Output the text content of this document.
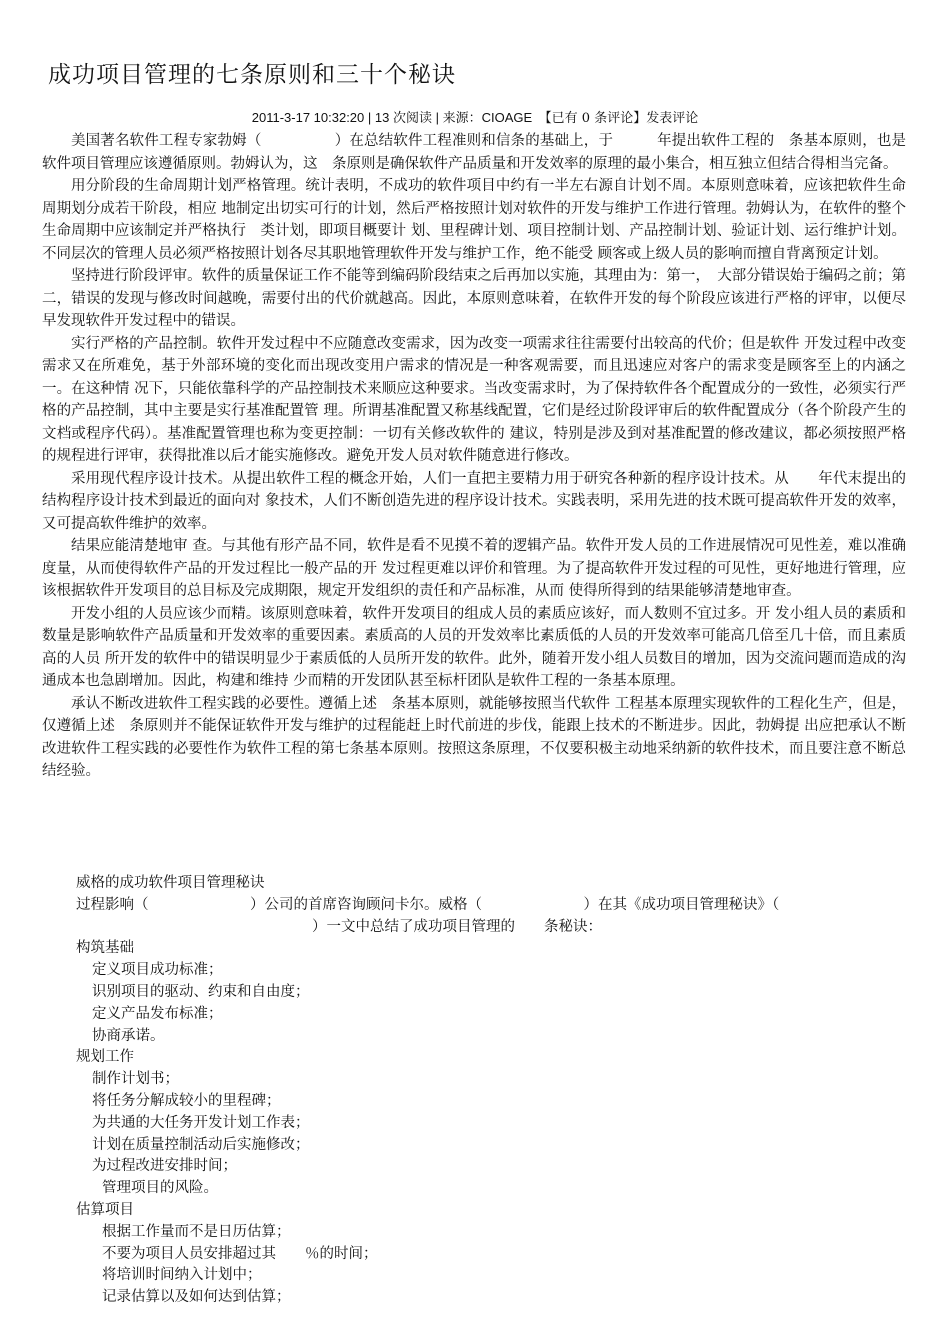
成功项目管理的七条原则和三十个秘诀
2011-3-17 10:32:20 | 13 次阅读 | 来源：CIOAGE　 【已有 0 条评论】发表评论

美国著名软件工程专家勃姆（　　　　　）在总结软件工程准则和信条的基础上，于　　　年提出软件工程的　条基本原则，也是软件项目管理应该遵循原则。勃姆认为，这　条原则是确保软件产品质量和开发效率的原理的最小集合，相互独立但结合得相当完备。

用分阶段的生命周期计划严格管理。统计表明，不成功的软件项目中约有一半左右源自计划不周。本原则意味着，应该把软件生命周期划分成若干阶段，相应 地制定出切实可行的计划，然后严格按照计划对软件的开发与维护工作进行管理。勃姆认为，在软件的整个生命周期中应该制定并严格执行　类计划，即项目概要计 划、里程碑计划、项目控制计划、产品控制计划、验证计划、运行维护计划。不同层次的管理人员必须严格按照计划各尽其职地管理软件开发与维护工作，绝不能受 顾客或上级人员的影响而擅自背离预定计划。

坚持进行阶段评审。软件的质量保证工作不能等到编码阶段结束之后再加以实施，其理由为：第一，　大部分错误始于编码之前；第二，错误的发现与修改时间越晚，需要付出的代价就越高。因此，本原则意味着，在软件开发的每个阶段应该进行严格的评审，以便尽 早发现软件开发过程中的错误。

实行严格的产品控制。软件开发过程中不应随意改变需求，因为改变一项需求往往需要付出较高的代价；但是软件 开发过程中改变需求又在所难免，基于外部环境的变化而出现改变用户需求的情况是一种客观需要，而且迅速应对客户的需求变是顾客至上的内涵之一。在这种情 况下，只能依靠科学的产品控制技术来顺应这种要求。当改变需求时，为了保持软件各个配置成分的一致性，必须实行严格的产品控制，其中主要是实行基准配置管 理。所谓基准配置又称基线配置，它们是经过阶段评审后的软件配置成分（各个阶段产生的文档或程序代码）。基准配置管理也称为变更控制：一切有关修改软件的 建议，特别是涉及到对基准配置的修改建议，都必须按照严格的规程进行评审，获得批准以后才能实施修改。避免开发人员对软件随意进行修改。

采用现代程序设计技术。从提出软件工程的概念开始，人们一直把主要精力用于研究各种新的程序设计技术。从　　年代末提出的结构程序设计技术到最近的面向对 象技术，人们不断创造先进的程序设计技术。实践表明，采用先进的技术既可提高软件开发的效率，又可提高软件维护的效率。

结果应能清楚地审 查。与其他有形产品不同，软件是看不见摸不着的逻辑产品。软件开发人员的工作进展情况可见性差，难以准确度量，从而使得软件产品的开发过程比一般产品的开 发过程更难以评价和管理。为了提高软件开发过程的可见性，更好地进行管理，应该根据软件开发项目的总目标及完成期限，规定开发组织的责任和产品标准，从而 使得所得到的结果能够清楚地审查。

开发小组的人员应该少而精。该原则意味着，软件开发项目的组成人员的素质应该好，而人数则不宜过多。开 发小组人员的素质和数量是影响软件产品质量和开发效率的重要因素。素质高的人员的开发效率比素质低的人员的开发效率可能高几倍至几十倍，而且素质高的人员 所开发的软件中的错误明显少于素质低的人员所开发的软件。此外，随着开发小组人员数目的增加，因为交流问题而造成的沟通成本也急剧增加。因此，构建和维持 少而精的开发团队甚至标杆团队是软件工程的一条基本原理。

承认不断改进软件工程实践的必要性。遵循上述　条基本原则，就能够按照当代软件 工程基本原理实现软件的工程化生产，但是，仅遵循上述　条原则并不能保证软件开发与维护的过程能赶上时代前进的步伐，能跟上技术的不断进步。因此，勃姆提 出应把承认不断改进软件工程实践的必要性作为软件工程的第七条基本原则。按照这条原理，不仅要积极主动地采纳新的软件技术，而且要注意不断总结经验。

威格的成功软件项目管理秘诀
过程影响（　　　　　　　）公司的首席咨询顾问卡尔。威格（　　　　　　　）在其《成功项目管理秘诀》（
）一文中总结了成功项目管理的　　条秘诀：
构筑基础
定义项目成功标准；
识别项目的驱动、约束和自由度；
定义产品发布标准；
协商承诺。
规划工作
制作计划书；
将任务分解成较小的里程碑；
为共通的大任务开发计划工作表；
计划在质量控制活动后实施修改；
为过程改进安排时间；
管理项目的风险。
估算项目
根据工作量而不是日历估算；
不要为项目人员安排超过其　　％的时间；
将培训时间纳入计划中；
记录估算以及如何达到估算；
